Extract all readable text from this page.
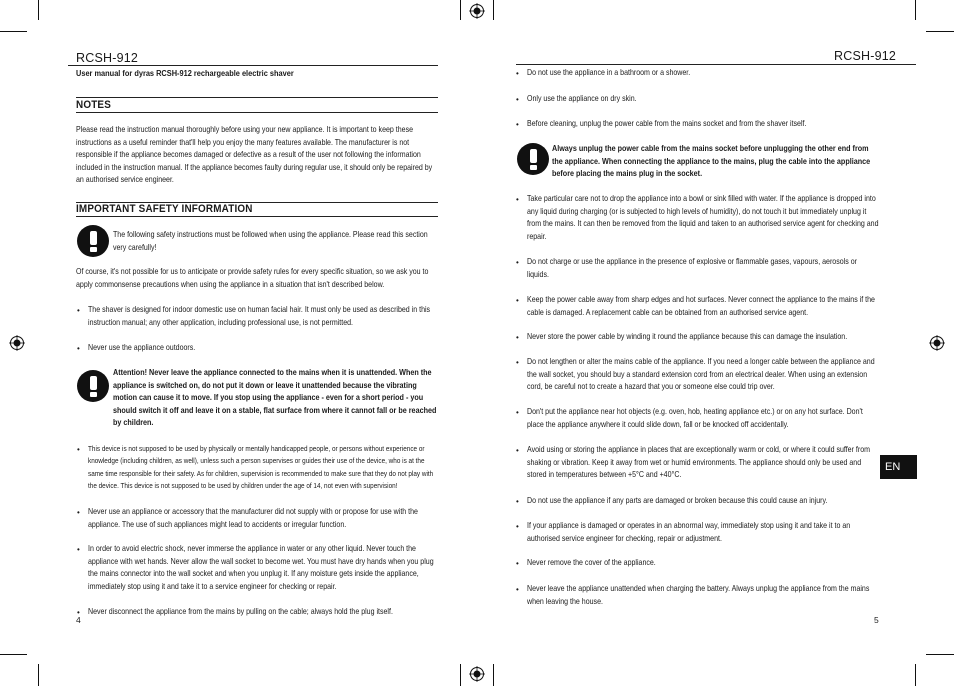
RCSH-912
User manual for dyras RCSH-912 rechargeable electric shaver
NOTES
Please read the instruction manual thoroughly before using your new appliance. It is important to keep these instructions as a useful reminder that'll help you enjoy the many features available. The manufacturer is not responsible if the appliance becomes damaged or defective as a result of the user not following the information included in the instruction manual. If the appliance becomes faulty during regular use, it should only be repaired by an authorised service engineer.
IMPORTANT SAFETY INFORMATION
The following safety instructions must be followed when using the appliance. Please read this section very carefully!
Of course, it's not possible for us to anticipate or provide safety rules for every specific situation, so we ask you to apply commonsense precautions when using the appliance in a situation that isn't described below.
• The shaver is designed for indoor domestic use on human facial hair. It must only be used as described in this instruction manual; any other application, including professional use, is not permitted.
• Never use the appliance outdoors.
Attention! Never leave the appliance connected to the mains when it is unattended. When the appliance is switched on, do not put it down or leave it unattended because the vibrating motion can cause it to move. If you stop using the appliance - even for a short period - you should switch it off and leave it on a stable, flat surface from where it cannot fall or be reached by children.
• This device is not supposed to be used by physically or mentally handicapped people, or persons without experience or knowledge (including children, as well), unless such a person supervises or guides their use of the device, who is at the same time responsible for their safety. As for children, supervision is recommended to make sure that they do not play with the device. This device is not supposed to be used by children under the age of 14, not even with supervision!
• Never use an appliance or accessory that the manufacturer did not supply with or propose for use with the appliance. The use of such appliances might lead to accidents or irregular function.
• In order to avoid electric shock, never immerse the appliance in water or any other liquid. Never touch the appliance with wet hands. Never allow the wall socket to become wet. You must have dry hands when you plug the mains connector into the wall socket and when you unplug it. If any moisture gets inside the appliance, immediately stop using it and take it to a service engineer for checking or repair.
• Never disconnect the appliance from the mains by pulling on the cable; always hold the plug itself.
4
RCSH-912
• Do not use the appliance in a bathroom or a shower.
• Only use the appliance on dry skin.
• Before cleaning, unplug the power cable from the mains socket and from the shaver itself.
Always unplug the power cable from the mains socket before unplugging the other end from the appliance. When connecting the appliance to the mains, plug the cable into the appliance before placing the mains plug in the socket.
• Take particular care not to drop the appliance into a bowl or sink filled with water. If the appliance is dropped into any liquid during charging (or is subjected to high levels of humidity), do not touch it but immediately unplug it from the mains. It can then be removed from the liquid and taken to an authorised service agent for checking and repair.
• Do not charge or use the appliance in the presence of explosive or flammable gases, vapours, aerosols or liquids.
• Keep the power cable away from sharp edges and hot surfaces. Never connect the appliance to the mains if the cable is damaged. A replacement cable can be obtained from an authorised service agent.
• Never store the power cable by winding it round the appliance because this can damage the insulation.
• Do not lengthen or alter the mains cable of the appliance. If you need a longer cable between the appliance and the wall socket, you should buy a standard extension cord from an electrical dealer. When using an extension cord, be careful not to create a hazard that you or someone else could trip over.
• Don't put the appliance near hot objects (e.g. oven, hob, heating appliance etc.) or on any hot surface. Don't place the appliance anywhere it could slide down, fall or be knocked off accidentally.
• Avoid using or storing the appliance in places that are exceptionally warm or cold, or where it could suffer from shaking or vibration. Keep it away from wet or humid environments. The appliance should only be used and stored in temperatures between +5°C and +40°C.
• Do not use the appliance if any parts are damaged or broken because this could cause an injury.
• If your appliance is damaged or operates in an abnormal way, immediately stop using it and take it to an authorised service engineer for checking, repair or adjustment.
• Never remove the cover of the appliance.
• Never leave the appliance unattended when charging the battery. Always unplug the appliance from the mains when leaving the house.
EN
5
